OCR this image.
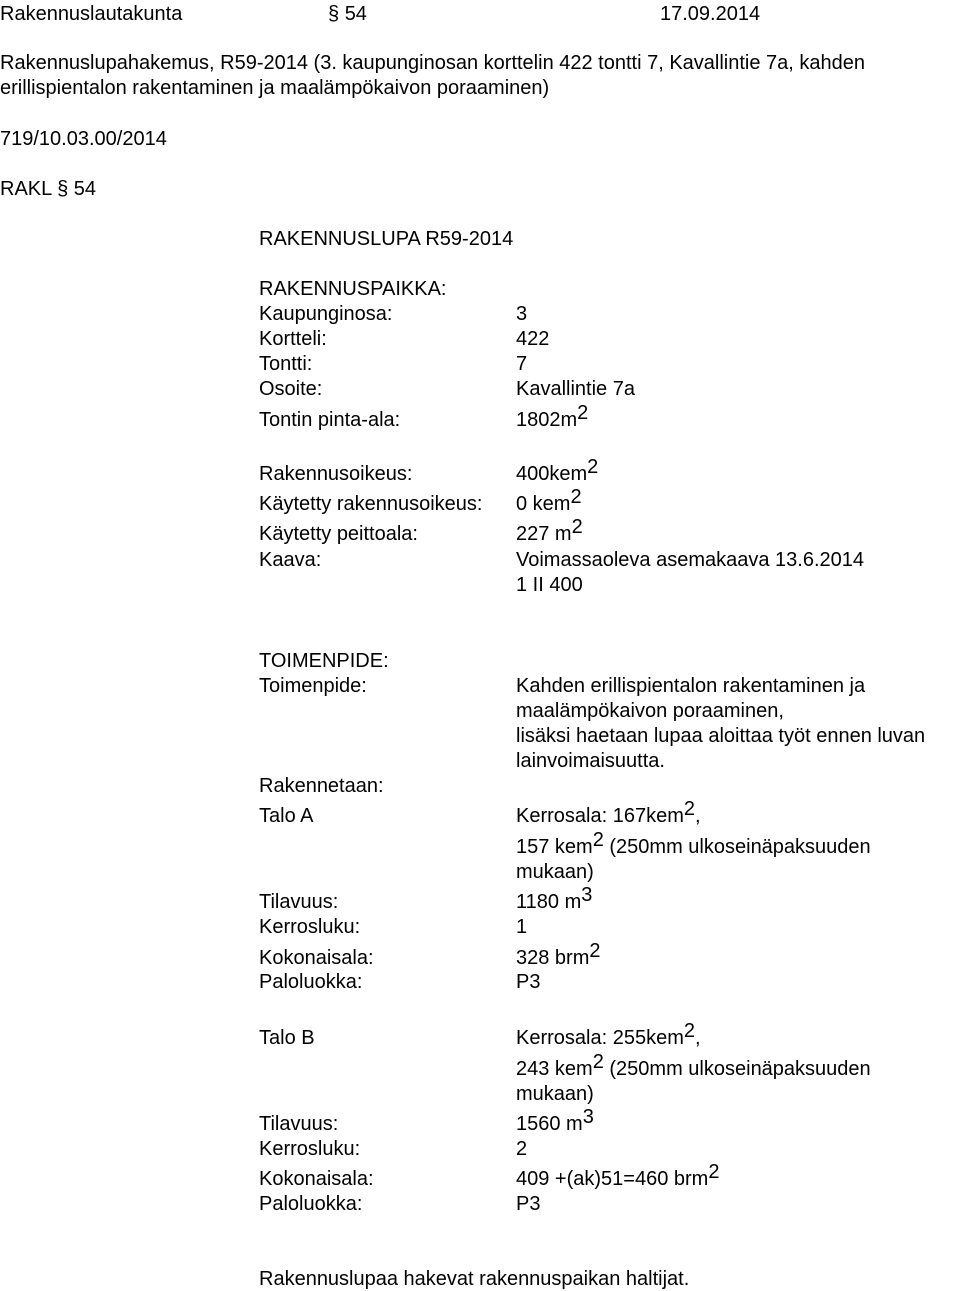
Rakennuslautakunta	§ 54	17.09.2014
Rakennuslupahakemus, R59-2014 (3. kaupunginosan korttelin 422 tontti 7, Kavallintie 7a, kahden
erillispientalon rakentaminen ja maalämpökaivon poraaminen)
719/10.03.00/2014
RAKL § 54
RAKENNUSLUPA R59-2014
RAKENNUSPAIKKA:
Kaupunginosa:	3
Kortteli:	422
Tontti:	7
Osoite:	Kavallintie 7a
Tontin pinta-ala:	$1802m^2$
Rakennusoikeus:	400kem$^2$
Käytetty rakennusoikeus: 0 kem$^2$
Käytetty peittoala:	227 $m^2$
Kaava:	Voimassaoleva asemakaava 13.6.2014
1 II 400
TOIMENPIDE:
Toimenpide:	Kahden erillispientalon rakentaminen ja
maalämpökaivon poraaminen,
lisäksi haetaan lupaa aloittaa työt ennen luvan
lainvoimaisuutta.
Rakennetaan:
Talo A	Kerrosala: 167kem$^2$,
157 kem$^2$ (250mm ulkoseinäpaksuuden
mukaan)
Tilavuus:	1180 $m^3$
Kerrosluku:	1
Kokonaisala:	328 brm$^2$
Paloluokka:	P3
Talo B	Kerrosala: 255kem$^2$,
243 kem$^2$ (250mm ulkoseinäpaksuuden
mukaan)
Tilavuus:	1560 $m^3$
Kerrosluku:	2
Kokonaisala:	409 +(ak)51=460 brm$^2$
Paloluokka:	P3
Rakennuslupaa hakevat rakennuspaikan haltijat.
